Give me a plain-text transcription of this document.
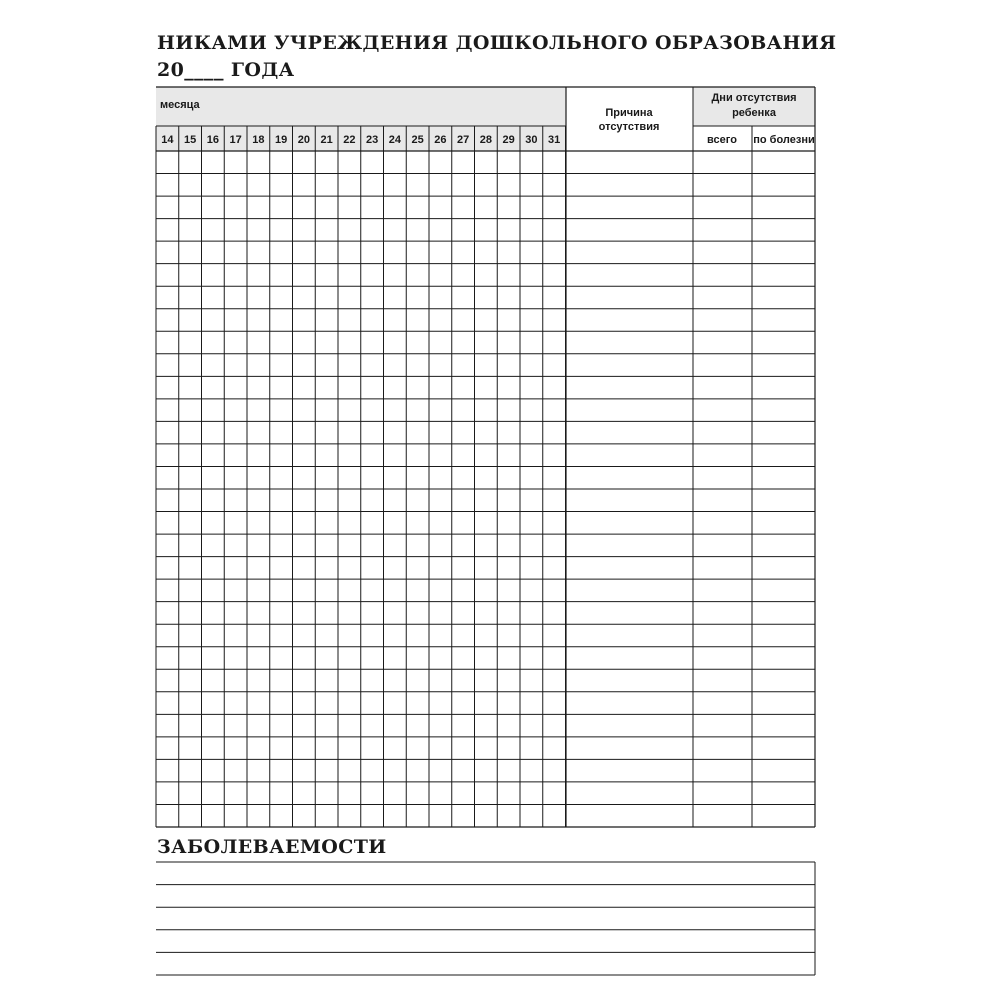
НИКАМИ УЧРЕЖДЕНИЯ ДОШКОЛЬНОГО ОБРАЗОВАНИЯ
20____ ГОДА
месяца
14 15 16 17 18 19 20 21 22 23 24 25 26 27 28 29 30 31
Причина
отсутствия
Дни отсутствия
ребенка
всего по болезни
ЗАБОЛЕВАЕМОСТИ
